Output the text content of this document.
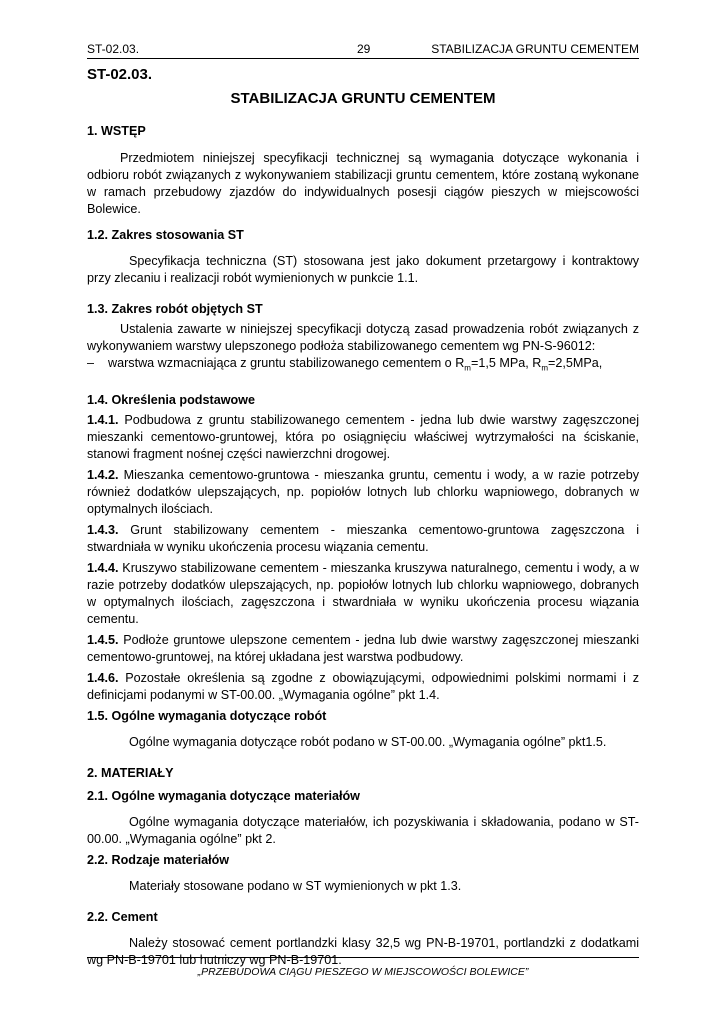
ST-02.03.	29	STABILIZACJA GRUNTU CEMENTEM
ST-02.03.
STABILIZACJA GRUNTU CEMENTEM

1. WSTĘP

Przedmiotem niniejszej specyfikacji technicznej są wymagania dotyczące wykonania i odbioru robót związanych z wykonywaniem stabilizacji gruntu cementem, które zostaną wykonane w ramach przebudowy zjazdów do indywidualnych posesji ciągów pieszych w miejscowości Bolewice.

1.2. Zakres stosowania ST

Specyfikacja techniczna (ST) stosowana jest jako dokument przetargowy i kontraktowy przy zlecaniu i realizacji robót wymienionych w punkcie 1.1.

1.3. Zakres robót objętych ST

Ustalenia zawarte w niniejszej specyfikacji dotyczą zasad prowadzenia robót związanych z wykonywaniem warstwy ulepszonego podłoża stabilizowanego cementem wg PN-S-96012:

–	warstwa wzmacniająca z gruntu stabilizowanego cementem o $R_m=1,5$ MPa, $R_m=2,5MPa$,

1.4. Określenia podstawowe

1.4.1. Podbudowa z gruntu stabilizowanego cementem - jedna lub dwie warstwy zagęszczonej mieszanki cementowo-gruntowej, która po osiągnięciu właściwej wytrzymałości na ściskanie, stanowi fragment nośnej części nawierzchni drogowej.

1.4.2. Mieszanka cementowo-gruntowa - mieszanka gruntu, cementu i wody, a w razie potrzeby również dodatków ulepszających, np. popiołów lotnych lub chlorku wapniowego, dobranych w optymalnych ilościach.

1.4.3. Grunt stabilizowany cementem - mieszanka cementowo-gruntowa zagęszczona i stwardniała w wyniku ukończenia procesu wiązania cementu.

1.4.4. Kruszywo stabilizowane cementem - mieszanka kruszywa naturalnego, cementu i wody, a w razie potrzeby dodatków ulepszających, np. popiołów lotnych lub chlorku wapniowego, dobranych w optymalnych ilościach, zagęszczona i stwardniała w wyniku ukończenia procesu wiązania cementu.

1.4.5. Podłoże gruntowe ulepszone cementem - jedna lub dwie warstwy zagęszczonej mieszanki cementowo-gruntowej, na której układana jest warstwa podbudowy.

1.4.6. Pozostałe określenia są zgodne z obowiązującymi, odpowiednimi polskimi normami i z definicjami podanymi w ST-00.00. „Wymagania ogólne” pkt 1.4.

1.5. Ogólne wymagania dotyczące robót

Ogólne wymagania dotyczące robót podano w ST-00.00. „Wymagania ogólne” pkt1.5.

2. MATERIAŁY

2.1. Ogólne wymagania dotyczące materiałów

Ogólne wymagania dotyczące materiałów, ich pozyskiwania i składowania, podano w ST-00.00. „Wymagania ogólne” pkt 2.

2.2. Rodzaje materiałów

Materiały stosowane podano w ST wymienionych w pkt 1.3.

2.2. Cement

Należy stosować cement portlandzki klasy 32,5 wg PN-B-19701, portlandzki z dodatkami wg PN-B-19701 lub hutniczy wg PN-B-19701.

„PRZEBUDOWA CIĄGU PIESZEGO W MIEJSCOWOŚCI BOLEWICE”
